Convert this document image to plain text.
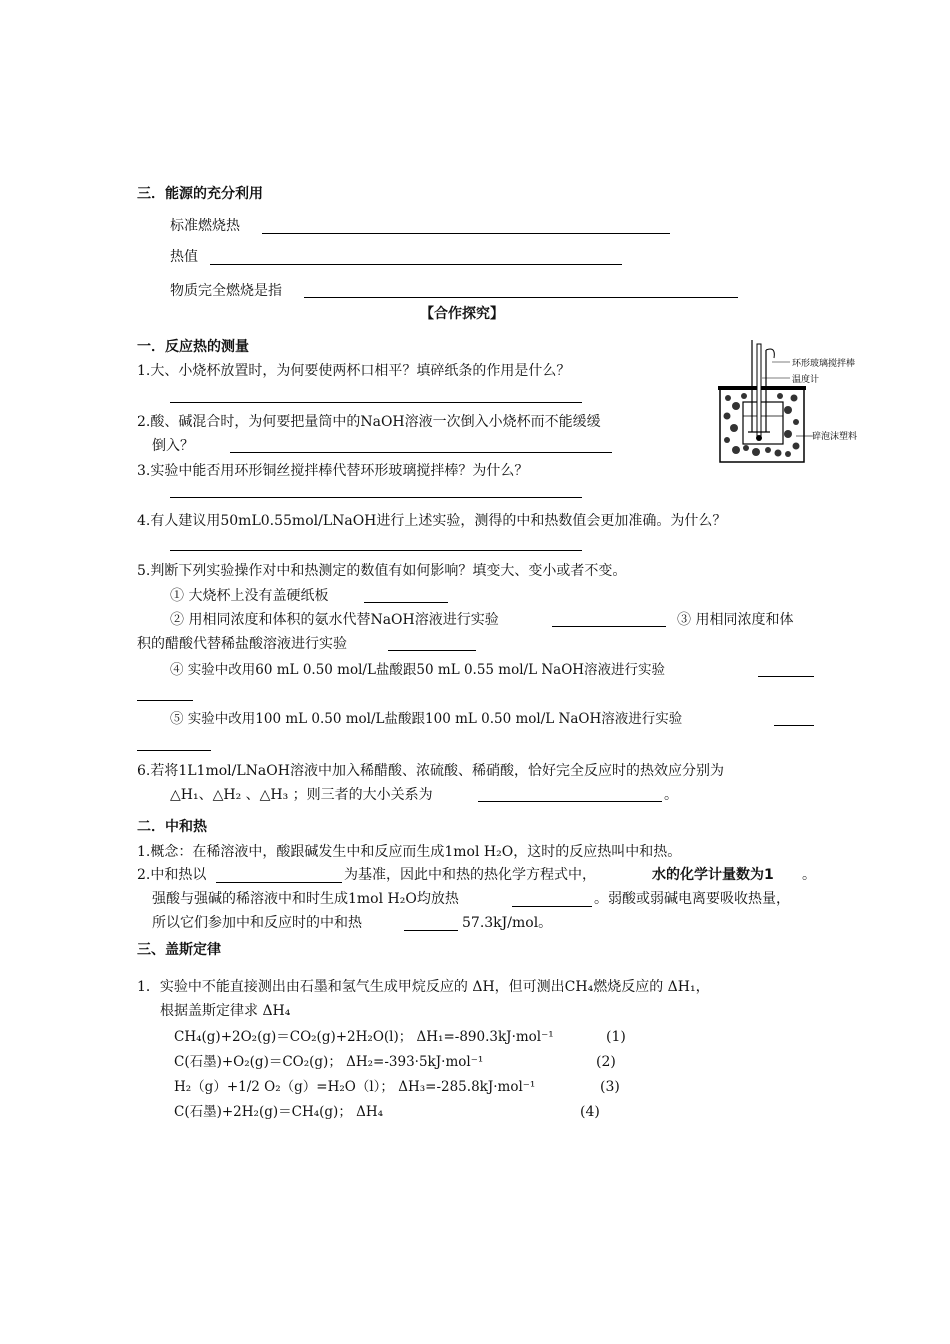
三．能源的充分利用
标准燃烧热
热值
物质完全燃烧是指
【合作探究】
一．反应热的测量
环形玻璃搅拌棒
温度计
碎泡沫塑料
1.大、小烧杯放置时，为何要使两杯口相平？填碎纸条的作用是什么？
2.酸、碱混合时，为何要把量筒中的NaOH溶液一次倒入小烧杯而不能缓缓
倒入？
3.实验中能否用环形铜丝搅拌棒代替环形玻璃搅拌棒？为什么？
4.有人建议用50mL0.55mol/LNaOH进行上述实验，测得的中和热数值会更加准确。为什么？
5.判断下列实验操作对中和热测定的数值有如何影响？填变大、变小或者不变。
① 大烧杯上没有盖硬纸板
② 用相同浓度和体积的氨水代替NaOH溶液进行实验	③ 用相同浓度和体
积的醋酸代替稀盐酸溶液进行实验
④ 实验中改用60 mL 0.50 mol/L盐酸跟50 mL 0.55 mol/L NaOH溶液进行实验
⑤ 实验中改用100 mL 0.50 mol/L盐酸跟100 mL 0.50 mol/L NaOH溶液进行实验
6.若将1L1mol/LNaOH溶液中加入稀醋酸、浓硫酸、稀硝酸，恰好完全反应时的热效应分别为
△H₁、△H₂ 、△H₃ ；则三者的大小关系为	。
二．中和热
1.概念：在稀溶液中，酸跟碱发生中和反应而生成1mol H₂O，这时的反应热叫中和热。
2.中和热以	为基准，因此中和热的热化学方程式中，	水的化学计量数为1 。
强酸与强碱的稀溶液中和时生成1mol H₂O均放热	。弱酸或弱碱电离要吸收热量，
所以它们参加中和反应时的中和热	57.3kJ/mol。
三、盖斯定律
1．实验中不能直接测出由石墨和氢气生成甲烷反应的 ΔH，但可测出CH₄燃烧反应的 ΔH₁，
根据盖斯定律求 ΔH₄
CH₄(g)+2O₂(g)＝CO₂(g)+2H₂O(l)； ΔH₁=-890.3kJ·mol⁻¹	(1)
C(石墨)+O₂(g)＝CO₂(g)； ΔH₂=-393·5kJ·mol⁻¹	(2)
H₂（g）+1/2 O₂（g）=H₂O（l）； ΔH₃=-285.8kJ·mol⁻¹	(3)
C(石墨)+2H₂(g)＝CH₄(g)； ΔH₄	(4)
